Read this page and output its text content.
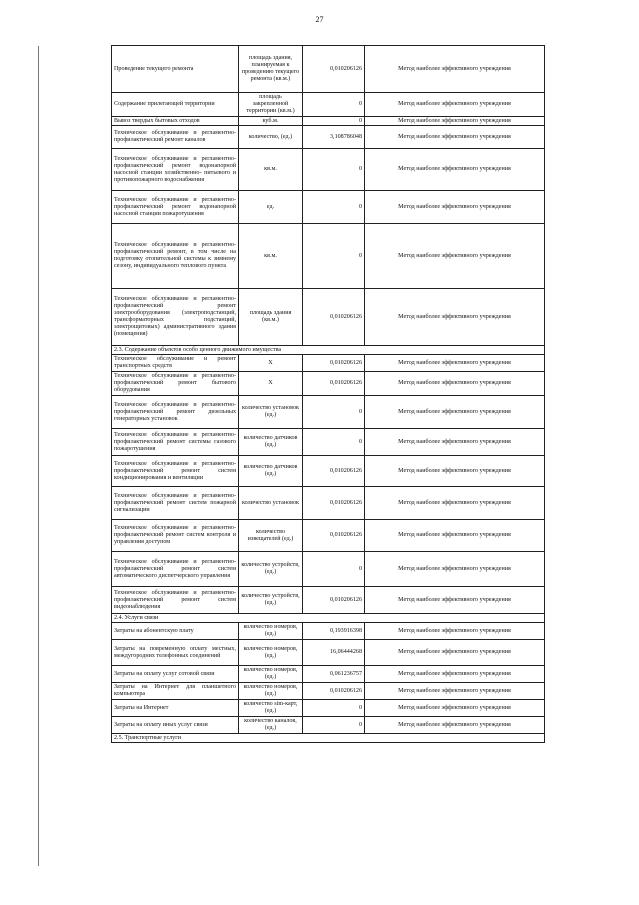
27
Проведение текущего ремонта	площадь здания, планируемая к проведению текущего ремонта (кв.м.)	0,010206126	Метод наиболее эффективного учреждения
Содержание прилегающей территории	площадь закрепленной территории (кв.м.)	0	Метод наиболее эффективного учреждения
Вывоз твердых бытовых отходов	куб.м.	0	Метод наиболее эффективного учреждения
Техническое обслуживание и регламентно- профилактический ремонт каналов	количество, (ед.)	3,108786048	Метод наиболее эффективного учреждения
Техническое обслуживание и регламентно- профилактический ремонт водонапорной насосной станции хозяйственно- питьевого и противопожарного водоснабжения	кв.м.	0	Метод наиболее эффективного учреждения
Техническое обслуживание и регламентно- профилактический ремонт водонапорной насосной станции пожаротушения	ед.	0	Метод наиболее эффективного учреждения
Техническое обслуживание и регламентно- профилактический ремонт, в том числе на подготовку отопительной системы к зимнему сезону, индивидуального теплового пункта	кв.м.	0	Метод наиболее эффективного учреждения
Техническое обслуживание и регламентно- профилактический ремонт электрооборудования (электроподстанций, трансформаторных подстанций, электрощитовых) административного здания (помещения)	площадь здания (кв.м.)	0,010206126	Метод наиболее эффективного учреждения
2.3. Содержание объектов особо ценного движимого имущества			
Техническое обслуживание и ремонт транспортных средств	Х	0,010206126	Метод наиболее эффективного учреждения
Техническое обслуживание и регламентно- профилактический ремонт бытового оборудования	Х	0,010206126	Метод наиболее эффективного учреждения
Техническое обслуживание и регламентно- профилактический ремонт дизельных генераторных установок	количество установок (ед.)	0	Метод наиболее эффективного учреждения
Техническое обслуживание и регламентно- профилактический ремонт системы газового пожаротушения	количество датчиков (ед.)	0	Метод наиболее эффективного учреждения
Техническое обслуживание и регламентно- профилактический ремонт систем кондиционирования и вентиляции	количество датчиков (ед.)	0,010206126	Метод наиболее эффективного учреждения
Техническое обслуживание и регламентно-профилактический ремонт систем пожарной сигнализации	количество установок	0,010206126	Метод наиболее эффективного учреждения
Техническое обслуживание и регламентно- профилактический ремонт систем контроля и управления доступом	количество извещателей (ед.)	0,010206126	Метод наиболее эффективного учреждения
Техническое обслуживание и регламентно- профилактический ремонт систем автоматического диспетчерского управления	количество устройств, (ед.)	0	Метод наиболее эффективного учреждения
Техническое обслуживание и регламентно- профилактический ремонт систем видеонаблюдения	количество устройств, (ед.)	0,010206126	Метод наиболее эффективного учреждения
2.4. Услуги связи			
Затраты на абонентскую плату	количество номеров, (ед.)	0,193916398	Метод наиболее эффективного учреждения
Затраты на повременную оплату местных, междугородних телефонных соединений	количество номеров, (ед.)	16,06444268	Метод наиболее эффективного учреждения
Затраты на оплату услуг сотовой связи	количество номеров, (ед.)	0,061236757	Метод наиболее эффективного учреждения
Затраты на Интернет для планшетного компьютера	количество номеров, (ед.)	0,010206126	Метод наиболее эффективного учреждения
Затраты на Интернет	количество sim-карт, (ед.)	0	Метод наиболее эффективного учреждения
Затраты на оплату иных услуг связи	количество каналов, (ед.)	0	Метод наиболее эффективного учреждения
2.5. Транспортные услуги			
